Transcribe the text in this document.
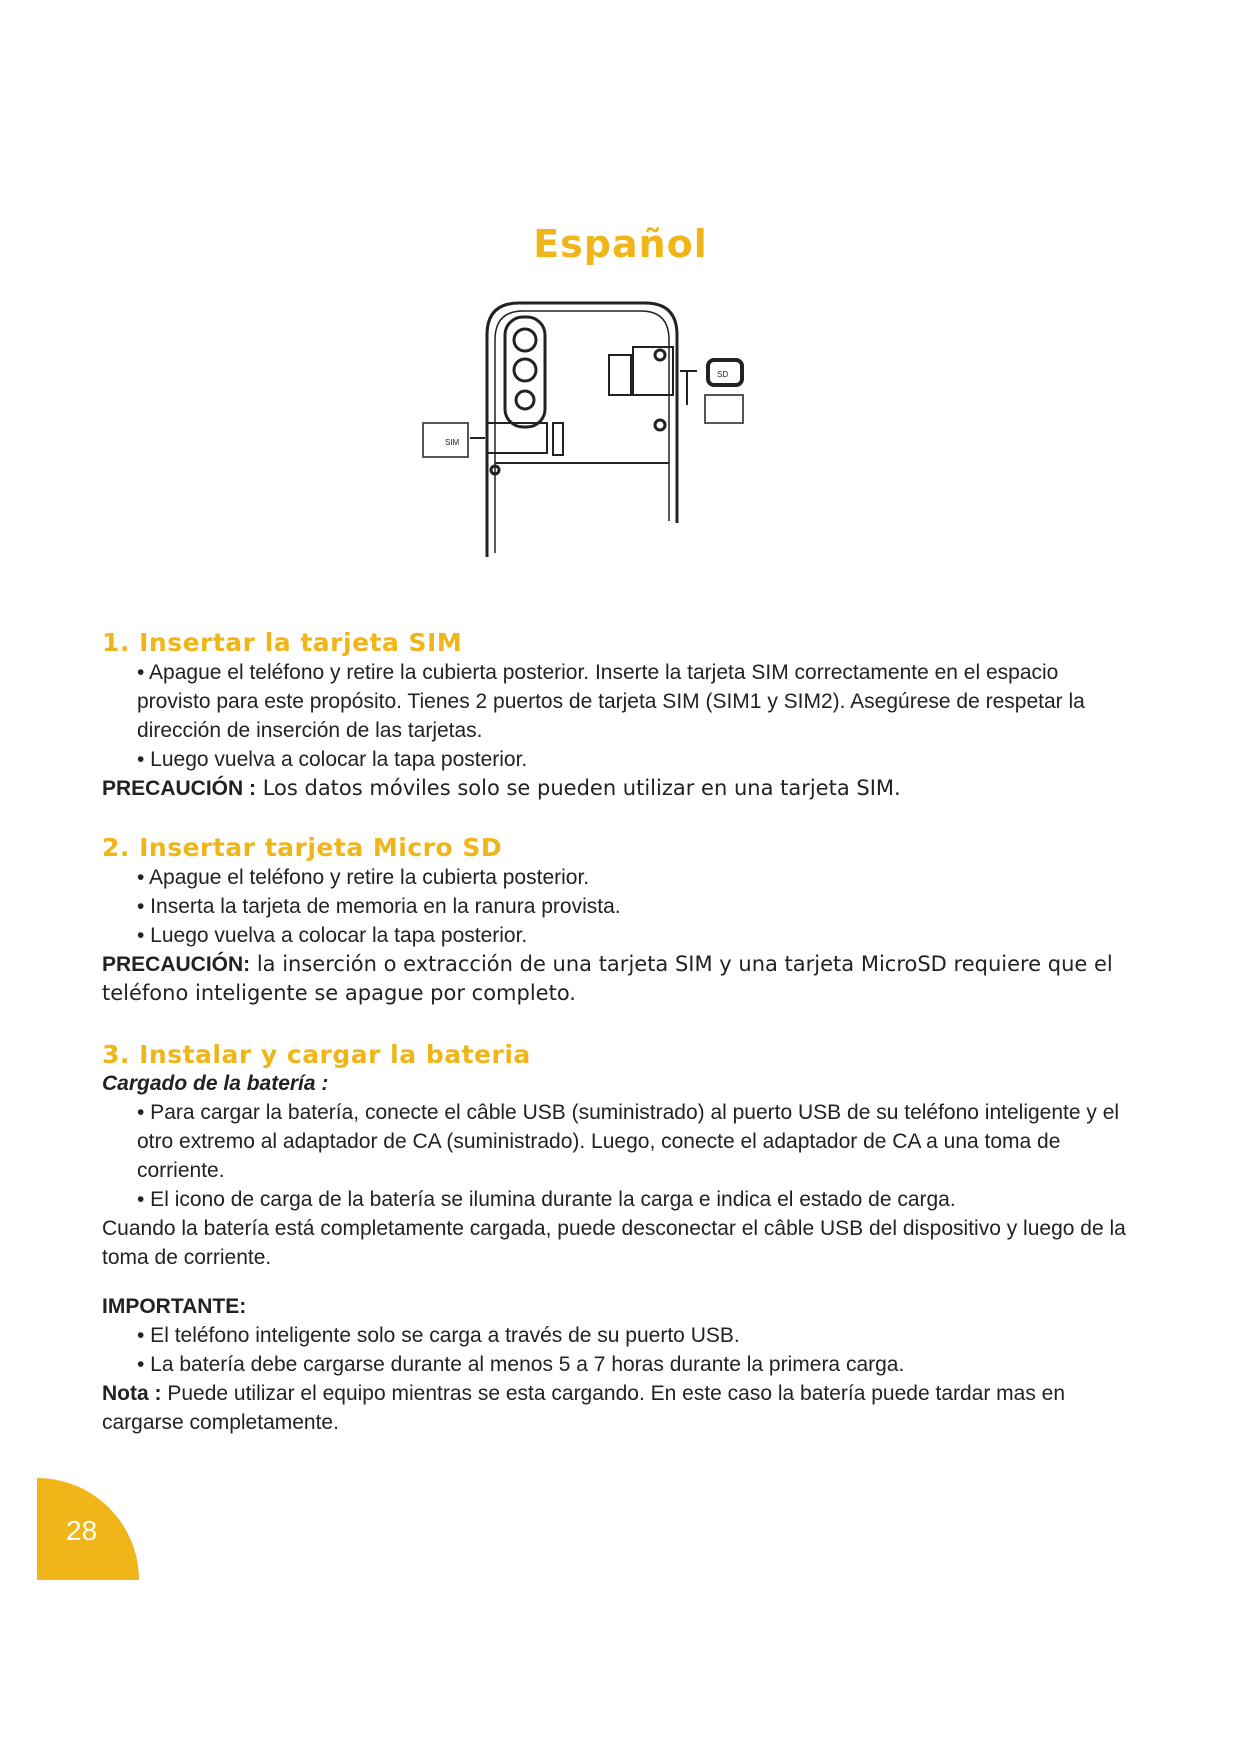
Español
SIM
SD
1. Insertar la tarjeta SIM

• Apague el teléfono y retire la cubierta posterior. Inserte la tarjeta SIM correctamente en el espacio provisto para este propósito. Tienes 2 puertos de tarjeta SIM (SIM1 y SIM2). Asegúrese de respetar la dirección de inserción de las tarjetas.

• Luego vuelva a colocar la tapa posterior.

PRECAUCIÓN : Los datos móviles solo se pueden utilizar en una tarjeta SIM.

2. Insertar tarjeta Micro SD

• Apague el teléfono y retire la cubierta posterior.

• Inserta la tarjeta de memoria en la ranura provista.

• Luego vuelva a colocar la tapa posterior.

PRECAUCIÓN: la inserción o extracción de una tarjeta SIM y una tarjeta MicroSD requiere que el teléfono inteligente se apague por completo.

3. Instalar y cargar la bateria

Cargado de la batería :

• Para cargar la batería, conecte el câble USB (suministrado) al puerto USB de su teléfono inteligente y el otro extremo al adaptador de CA (suministrado). Luego, conecte el adaptador de CA a una toma de corriente.

• El icono de carga de la batería se ilumina durante la carga e indica el estado de carga.

Cuando la batería está completamente cargada, puede desconectar el câble USB del dispositivo y luego de la toma de corriente.

IMPORTANTE:

• El teléfono inteligente solo se carga a través de su puerto USB.

• La batería debe cargarse durante al menos 5 a 7 horas durante la primera carga.

Nota : Puede utilizar el equipo mientras se esta cargando. En este caso la batería puede tardar mas en cargarse completamente.

28
